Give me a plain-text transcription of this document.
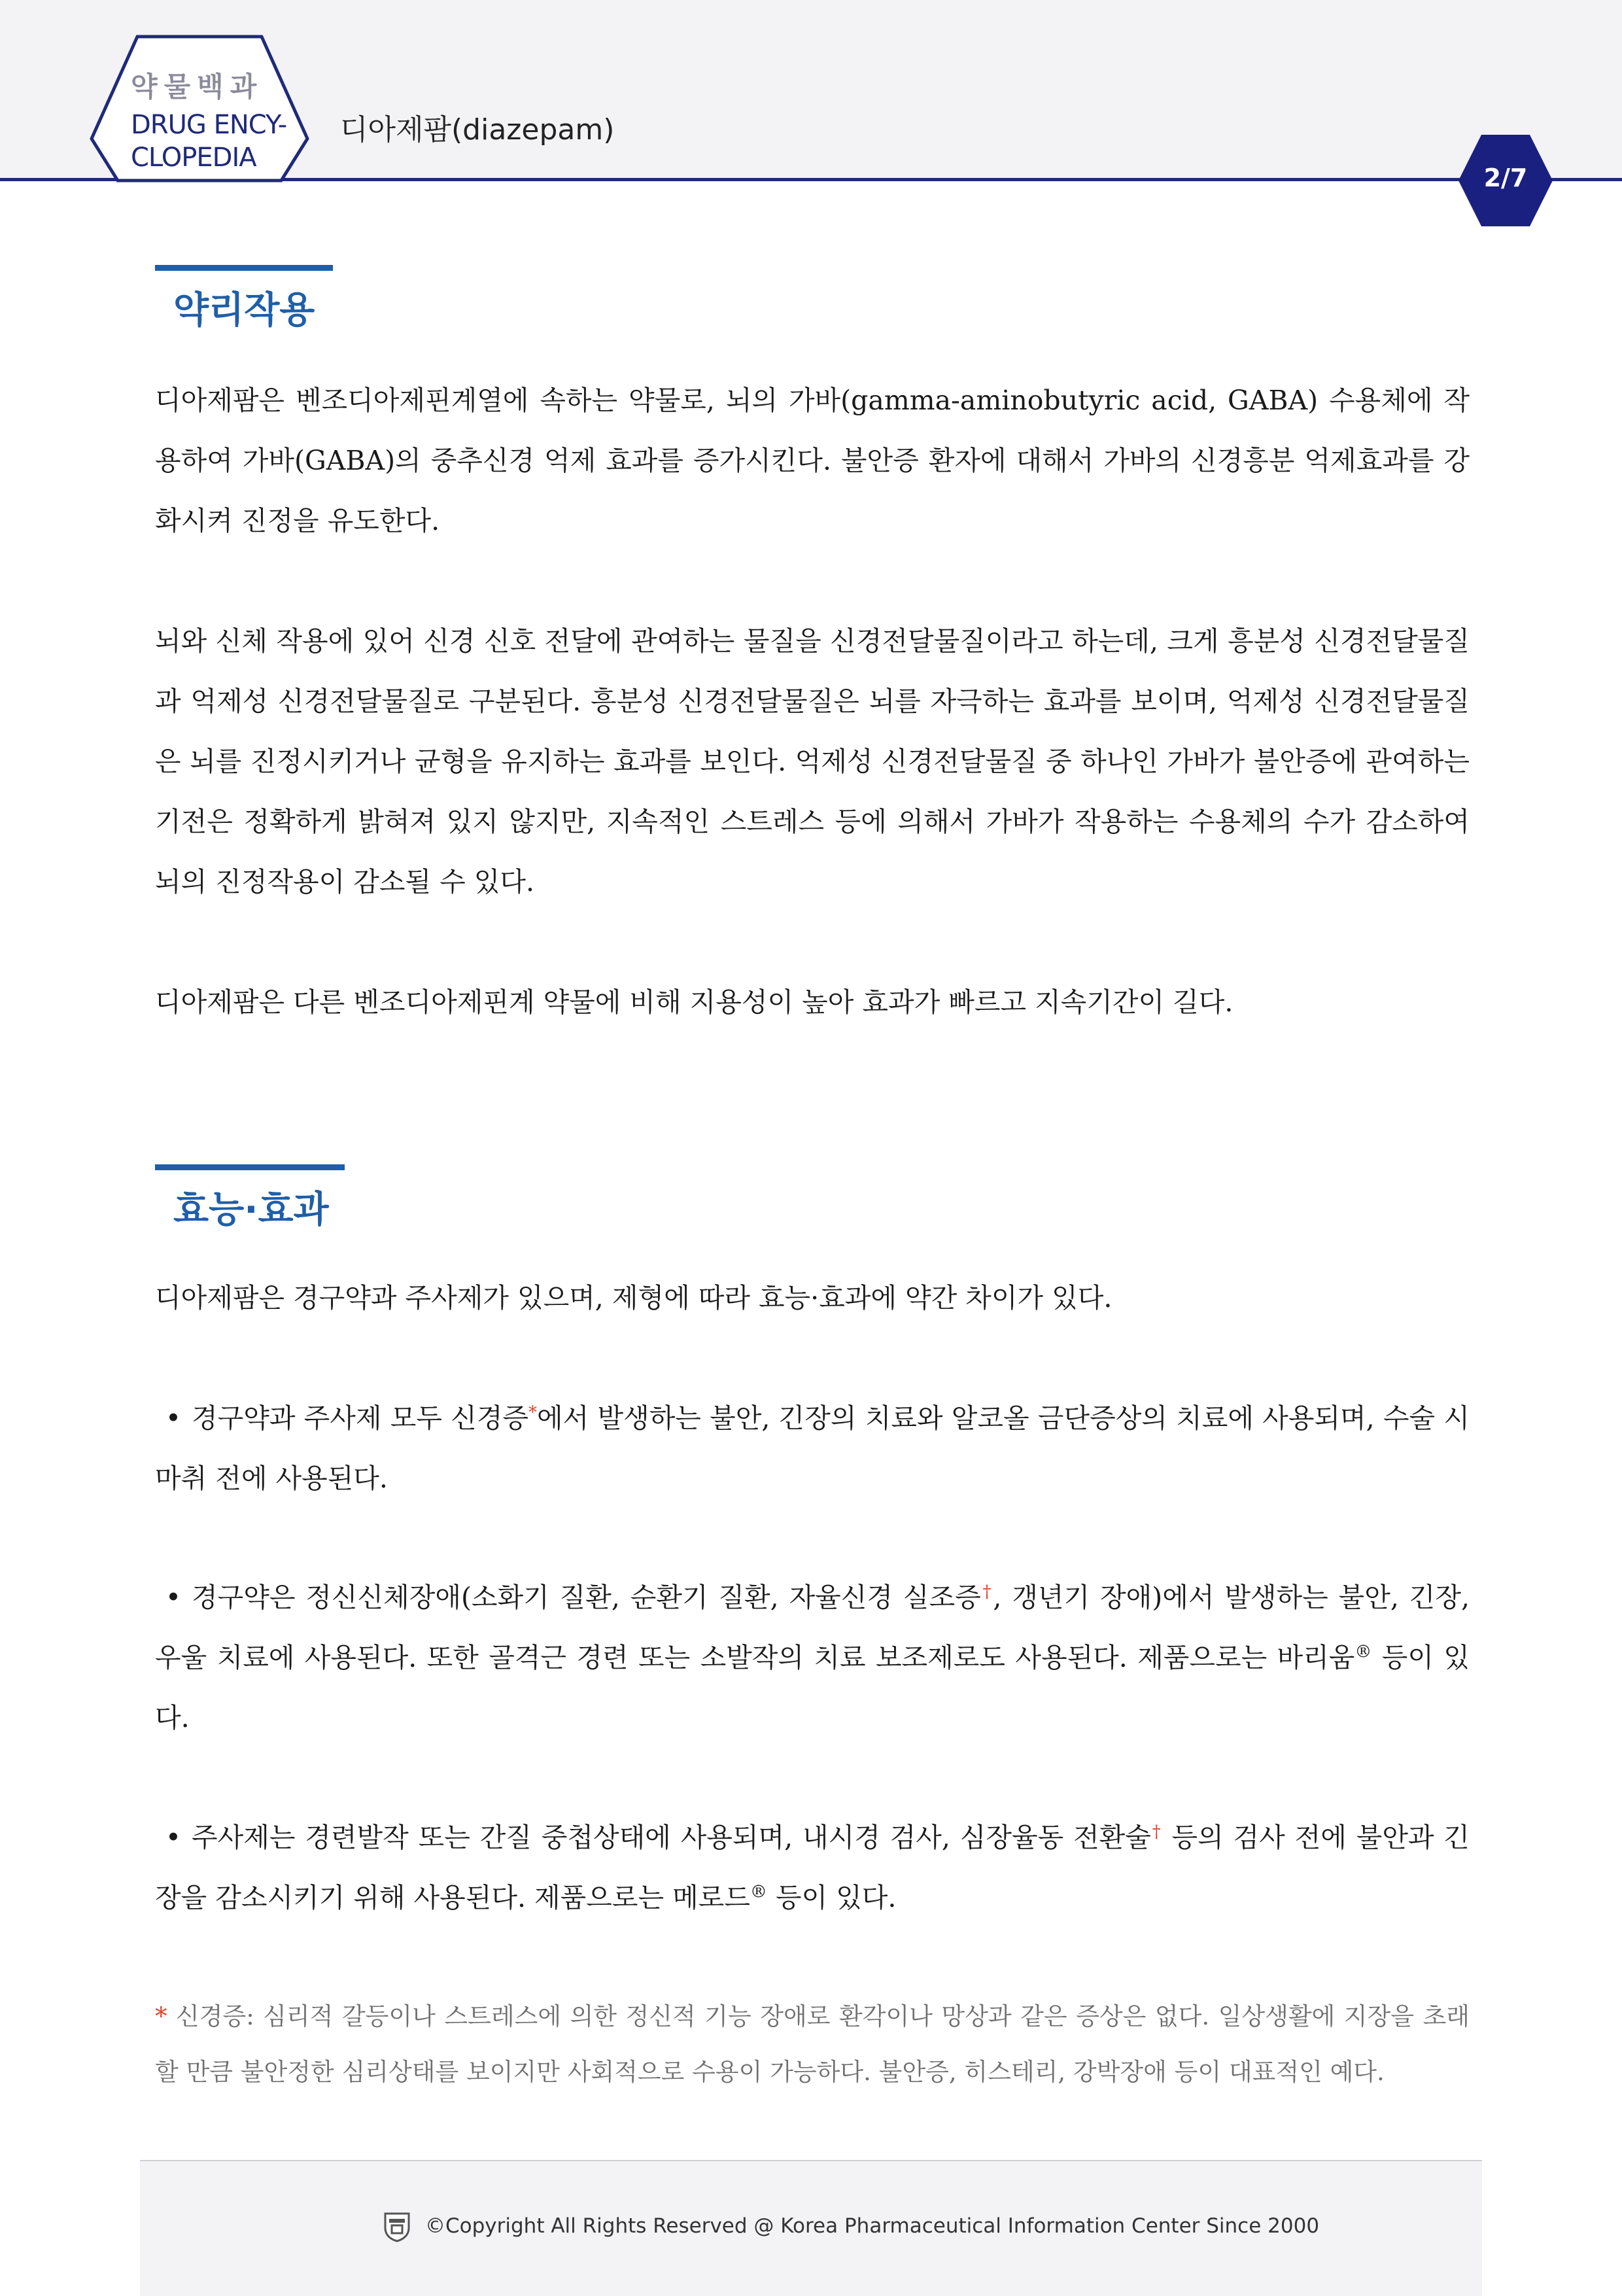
약물백과
DRUG ENCY-
CLOPEDIA
디아제팜(diazepam)
2/7
약리작용
디아제팜은 벤조디아제핀계열에 속하는 약물로, 뇌의 가바(gamma-aminobutyric acid, GABA) 수용체에 작용하여 가바(GABA)의 중추신경 억제 효과를 증가시킨다. 불안증 환자에 대해서 가바의 신경흥분 억제효과를 강화시켜 진정을 유도한다.
뇌와 신체 작용에 있어 신경 신호 전달에 관여하는 물질을 신경전달물질이라고 하는데, 크게 흥분성 신경전달물질과 억제성 신경전달물질로 구분된다. 흥분성 신경전달물질은 뇌를 자극하는 효과를 보이며, 억제성 신경전달물질은 뇌를 진정시키거나 균형을 유지하는 효과를 보인다. 억제성 신경전달물질 중 하나인 가바가 불안증에 관여하는 기전은 정확하게 밝혀져 있지 않지만, 지속적인 스트레스 등에 의해서 가바가 작용하는 수용체의 수가 감소하여 뇌의 진정작용이 감소될 수 있다.
디아제팜은 다른 벤조디아제핀계 약물에 비해 지용성이 높아 효과가 빠르고 지속기간이 길다.
효능·효과
디아제팜은 경구약과 주사제가 있으며, 제형에 따라 효능·효과에 약간 차이가 있다.
• 경구약과 주사제 모두 신경증*에서 발생하는 불안, 긴장의 치료와 알코올 금단증상의 치료에 사용되며, 수술 시 마취 전에 사용된다.
• 경구약은 정신신체장애(소화기 질환, 순환기 질환, 자율신경 실조증†, 갱년기 장애)에서 발생하는 불안, 긴장, 우울 치료에 사용된다. 또한 골격근 경련 또는 소발작의 치료 보조제로도 사용된다. 제품으로는 바리움® 등이 있다.
• 주사제는 경련발작 또는 간질 중첩상태에 사용되며, 내시경 검사, 심장율동 전환술† 등의 검사 전에 불안과 긴장을 감소시키기 위해 사용된다. 제품으로는 메로드® 등이 있다.
* 신경증: 심리적 갈등이나 스트레스에 의한 정신적 기능 장애로 환각이나 망상과 같은 증상은 없다. 일상생활에 지장을 초래할 만큼 불안정한 심리상태를 보이지만 사회적으로 수용이 가능하다. 불안증, 히스테리, 강박장애 등이 대표적인 예다.
©Copyright All Rights Reserved @ Korea Pharmaceutical Information Center Since 2000
